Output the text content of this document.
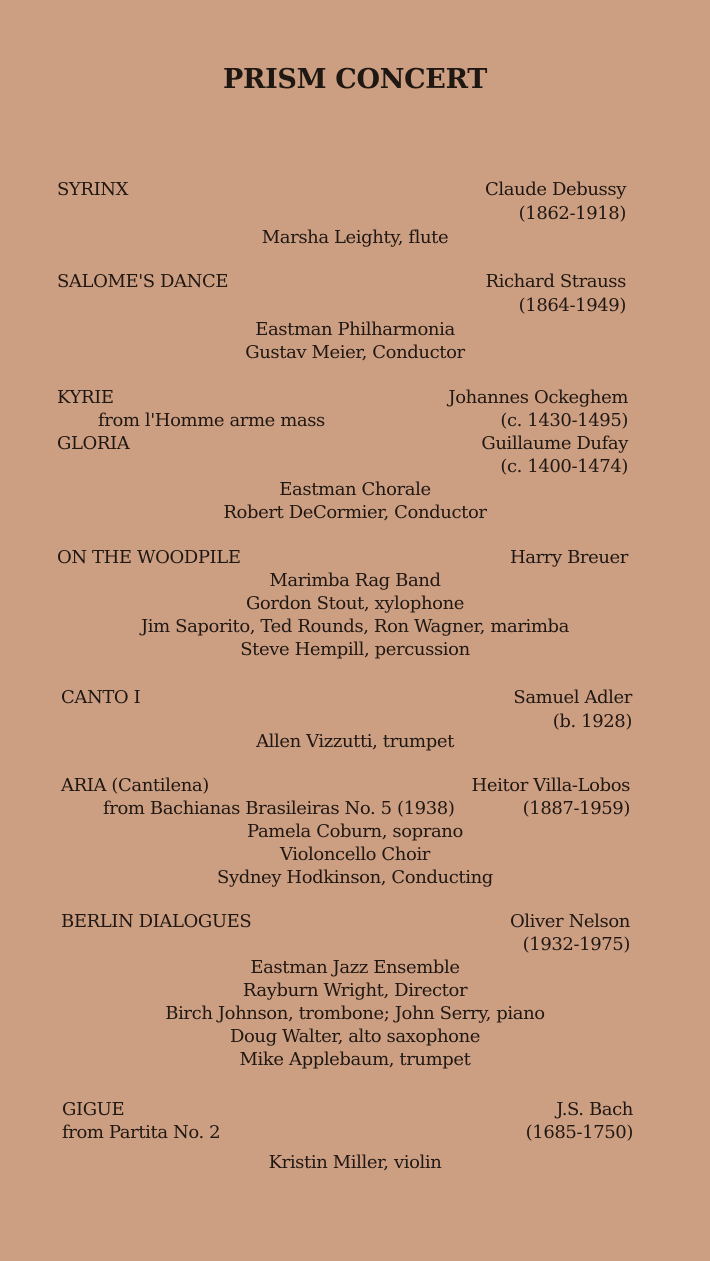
PRISM CONCERT
SYRINX	Claude Debussy
(1862-1918)
Marsha Leighty, flute
SALOME'S DANCE	Richard Strauss
(1864-1949)
Eastman Philharmonia
Gustav Meier, Conductor
KYRIE	Johannes Ockeghem
from l'Homme arme mass	(c. 1430-1495)
GLORIA	Guillaume Dufay
(c. 1400-1474)
Eastman Chorale
Robert DeCormier, Conductor
ON THE WOODPILE	Harry Breuer
Marimba Rag Band
Gordon Stout, xylophone
Jim Saporito, Ted Rounds, Ron Wagner, marimba
Steve Hempill, percussion
CANTO I	Samuel Adler
(b. 1928)
Allen Vizzutti, trumpet
ARIA (Cantilena)	Heitor Villa-Lobos
from Bachianas Brasileiras No. 5 (1938)	(1887-1959)
Pamela Coburn, soprano
Violoncello Choir
Sydney Hodkinson, Conducting
BERLIN DIALOGUES	Oliver Nelson
(1932-1975)
Eastman Jazz Ensemble
Rayburn Wright, Director
Birch Johnson, trombone; John Serry, piano
Doug Walter, alto saxophone
Mike Applebaum, trumpet
GIGUE	J.S. Bach
from Partita No. 2	(1685-1750)
Kristin Miller, violin
